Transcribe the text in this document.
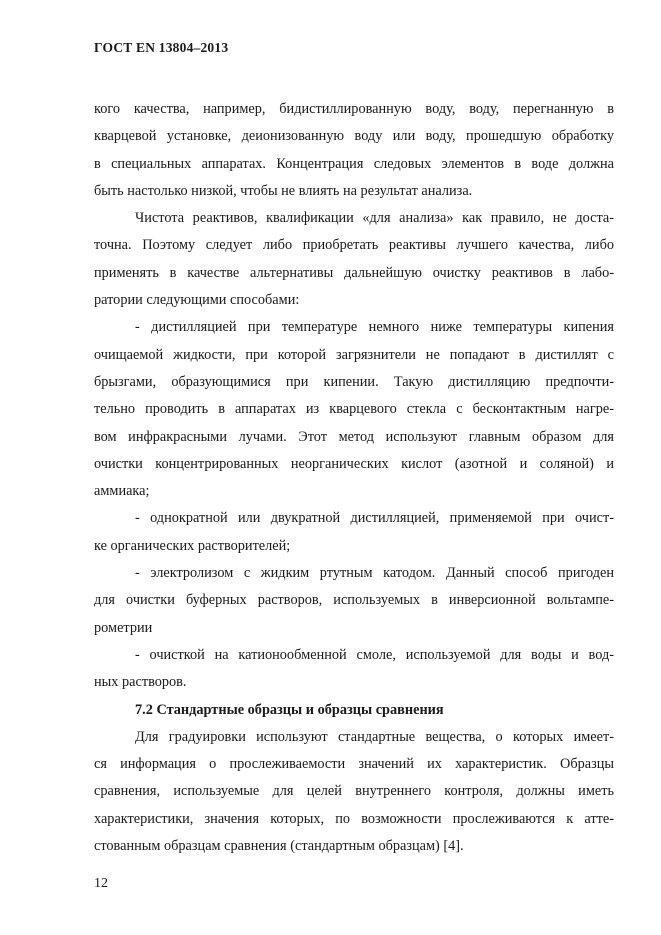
ГОСТ EN 13804–2013
кого качества, например, бидистиллированную воду, воду, перегнанную в
кварцевой установке, деионизованную воду или воду, прошедшую обработку
в специальных аппаратах. Концентрация следовых элементов в воде должна
быть настолько низкой, чтобы не влиять на результат анализа.
Чистота реактивов, квалификации «для анализа» как правило, не доста-
точна. Поэтому следует либо приобретать реактивы лучшего качества, либо
применять в качестве альтернативы дальнейшую очистку реактивов в лабо-
ратории следующими способами:
- дистилляцией при температуре немного ниже температуры кипения
очищаемой жидкости, при которой загрязнители не попадают в дистиллят с
брызгами, образующимися при кипении. Такую дистилляцию предпочти-
тельно проводить в аппаратах из кварцевого стекла с бесконтактным нагре-
вом инфракрасными лучами. Этот метод используют главным образом для
очистки концентрированных неорганических кислот (азотной и соляной) и
аммиака;
- однократной или двукратной дистилляцией, применяемой при очист-
ке органических растворителей;
- электролизом с жидким ртутным катодом. Данный способ пригоден
для очистки буферных растворов, используемых в инверсионной вольтампе-
рометрии
- очисткой на катионообменной смоле, используемой для воды и вод-
ных растворов.
7.2 Стандартные образцы и образцы сравнения
Для градуировки используют стандартные вещества, о которых имеет-
ся информация о прослеживаемости значений их характеристик. Образцы
сравнения, используемые для целей внутреннего контроля, должны иметь
характеристики, значения которых, по возможности прослеживаются к атте-
стованным образцам сравнения (стандартным образцам) [4].
12
